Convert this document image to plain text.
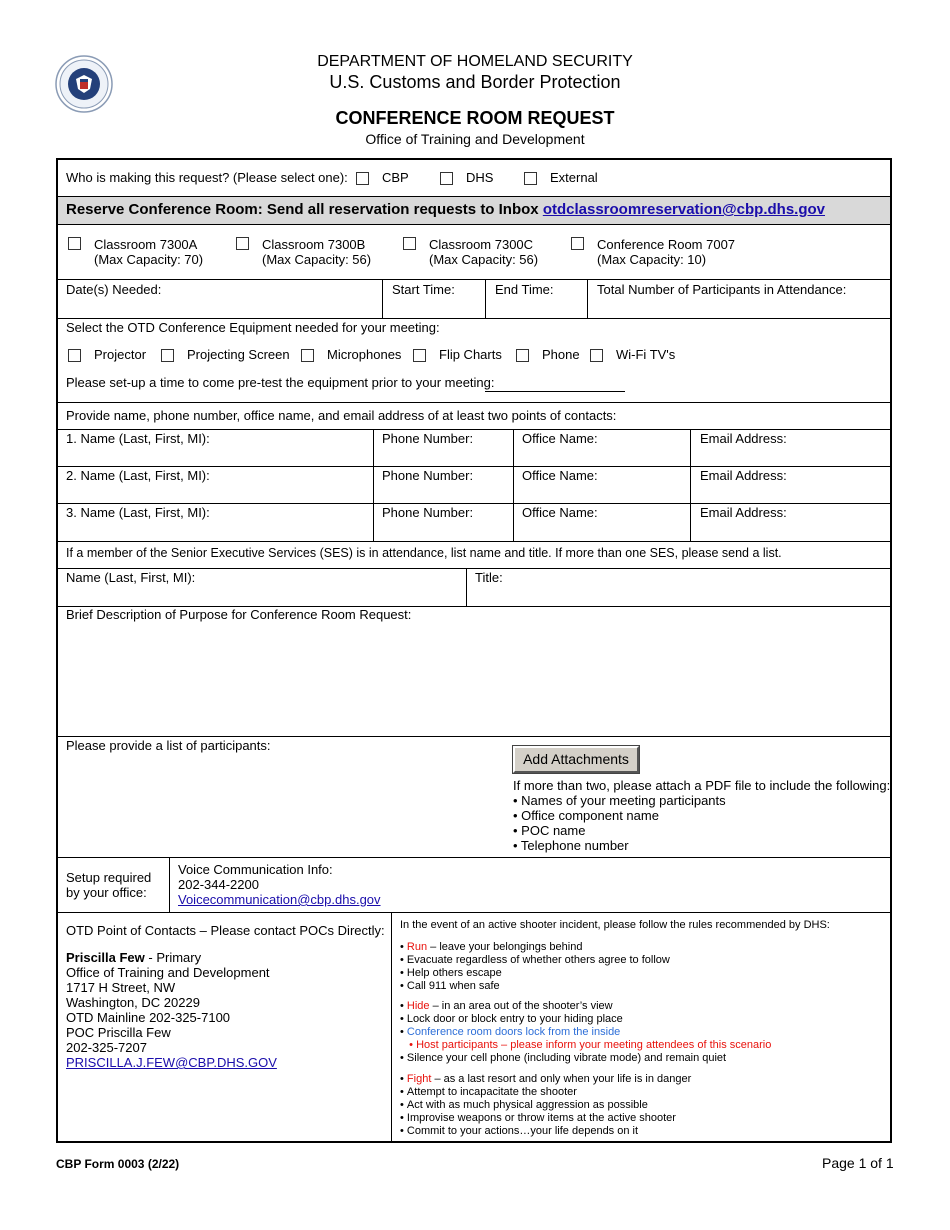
DEPARTMENT OF HOMELAND SECURITY
U.S. Customs and Border Protection
CONFERENCE ROOM REQUEST
Office of Training and Development
Who is making this request? (Please select one):	CBP	DHS	External
Reserve Conference Room: Send all reservation requests to Inbox otdclassroomreservation@cbp.dhs.gov
Classroom 7300A
(Max Capacity: 70)
Classroom 7300B
(Max Capacity: 56)
Classroom 7300C
(Max Capacity: 56)
Conference Room 7007
(Max Capacity: 10)
Date(s) Needed:	Start Time:	End Time:	Total Number of Participants in Attendance:
Select the OTD Conference Equipment needed for your meeting:
Projector	Projecting Screen	Microphones	Flip Charts	Phone	Wi-Fi TV's
Please set-up a time to come pre-test the equipment prior to your meeting:
Provide name, phone number, office name, and email address of at least two points of contacts:
1. Name (Last, First, MI):	Phone Number:	Office Name:	Email Address:
2. Name (Last, First, MI):	Phone Number:	Office Name:	Email Address:
3. Name (Last, First, MI):	Phone Number:	Office Name:	Email Address:
If a member of the Senior Executive Services (SES) is in attendance, list name and title. If more than one SES, please send a list.
Name (Last, First, MI):	Title:
Brief Description of Purpose for Conference Room Request:
Please provide a list of participants:
Add Attachments
If more than two, please attach a PDF file to include the following:
• Names of your meeting participants
• Office component name
• POC name
• Telephone number
Setup required
by your office:
Voice Communication Info:
202-344-2200
Voicecommunication@cbp.dhs.gov
OTD Point of Contacts – Please contact POCs Directly:
Priscilla Few - Primary
Office of Training and Development
1717 H Street, NW
Washington, DC 20229
OTD Mainline 202-325-7100
POC Priscilla Few
202-325-7207
PRISCILLA.J.FEW@CBP.DHS.GOV
In the event of an active shooter incident, please follow the rules recommended by DHS:
• Run – leave your belongings behind
• Evacuate regardless of whether others agree to follow
• Help others escape
• Call 911 when safe
• Hide – in an area out of the shooter’s view
• Lock door or block entry to your hiding place
• Conference room doors lock from the inside
• Host participants – please inform your meeting attendees of this scenario
• Silence your cell phone (including vibrate mode) and remain quiet
• Fight – as a last resort and only when your life is in danger
• Attempt to incapacitate the shooter
• Act with as much physical aggression as possible
• Improvise weapons or throw items at the active shooter
• Commit to your actions…your life depends on it
CBP Form 0003 (2/22)	Page 1 of 1
